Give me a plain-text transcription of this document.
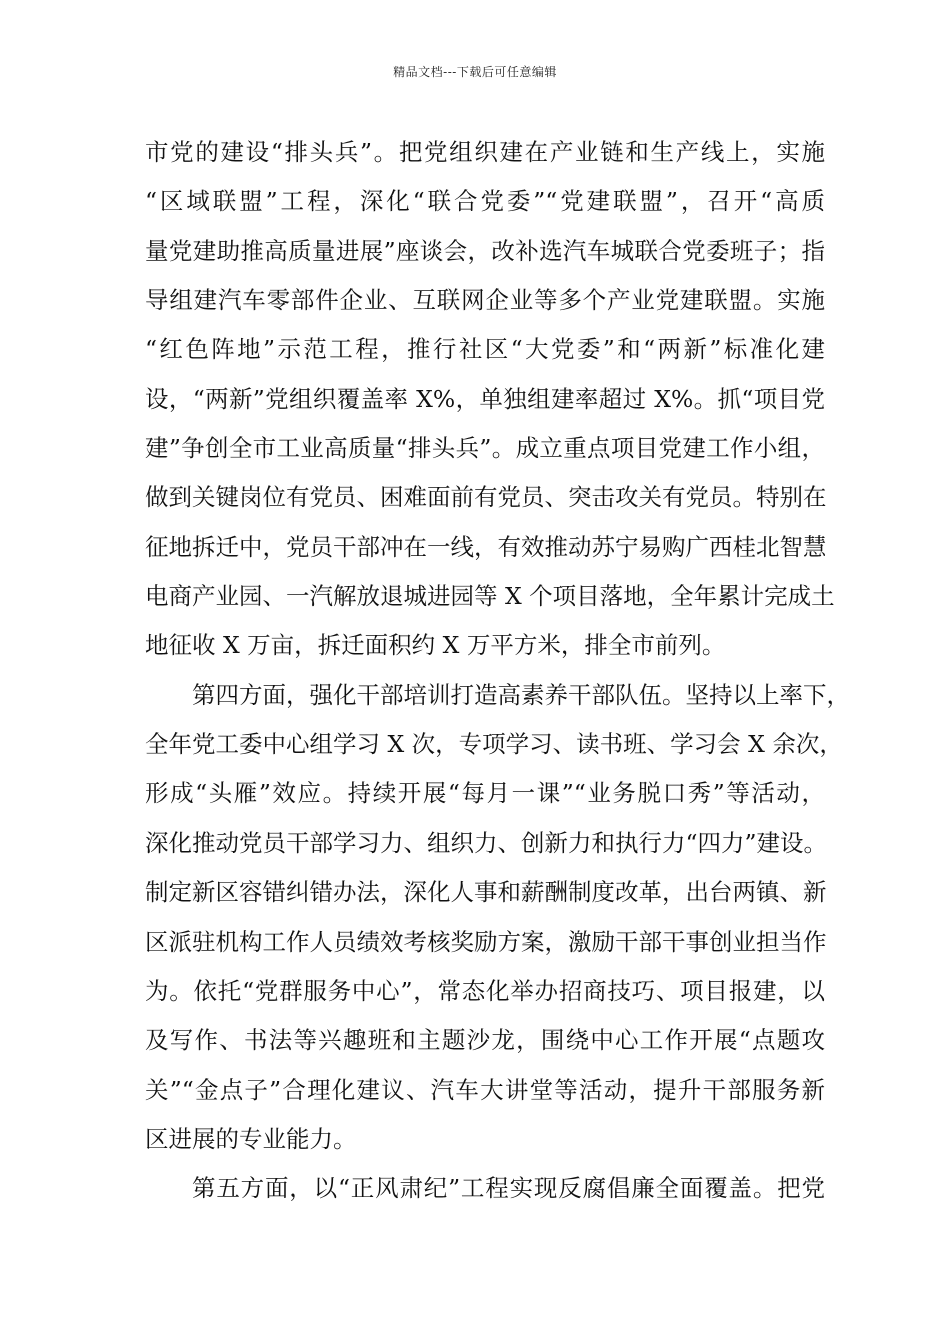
精品文档---下载后可任意编辑
市党的建设“排头兵”。把党组织建在产业链和生产线上，实施
“区域联盟”工程，深化“联合党委”“党建联盟”，召开“高质
量党建助推高质量进展”座谈会，改补选汽车城联合党委班子；指
导组建汽车零部件企业、互联网企业等多个产业党建联盟。实施
“红色阵地”示范工程，推行社区“大党委”和“两新”标准化建
设，“两新”党组织覆盖率 X%，单独组建率超过 X%。抓“项目党
建”争创全市工业高质量“排头兵”。成立重点项目党建工作小组，
做到关键岗位有党员、困难面前有党员、突击攻关有党员。特别在
征地拆迁中，党员干部冲在一线，有效推动苏宁易购广西桂北智慧
电商产业园、一汽解放退城进园等 X 个项目落地，全年累计完成土
地征收 X 万亩，拆迁面积约 X 万平方米，排全市前列。
第四方面，强化干部培训打造高素养干部队伍。坚持以上率下，
全年党工委中心组学习 X 次，专项学习、读书班、学习会 X 余次，
形成“头雁”效应。持续开展“每月一课”“业务脱口秀”等活动，
深化推动党员干部学习力、组织力、创新力和执行力“四力”建设。
制定新区容错纠错办法，深化人事和薪酬制度改革，出台两镇、新
区派驻机构工作人员绩效考核奖励方案，激励干部干事创业担当作
为。依托“党群服务中心”，常态化举办招商技巧、项目报建，以
及写作、书法等兴趣班和主题沙龙，围绕中心工作开展“点题攻
关”“金点子”合理化建议、汽车大讲堂等活动，提升干部服务新
区进展的专业能力。
第五方面，以“正风肃纪”工程实现反腐倡廉全面覆盖。把党
